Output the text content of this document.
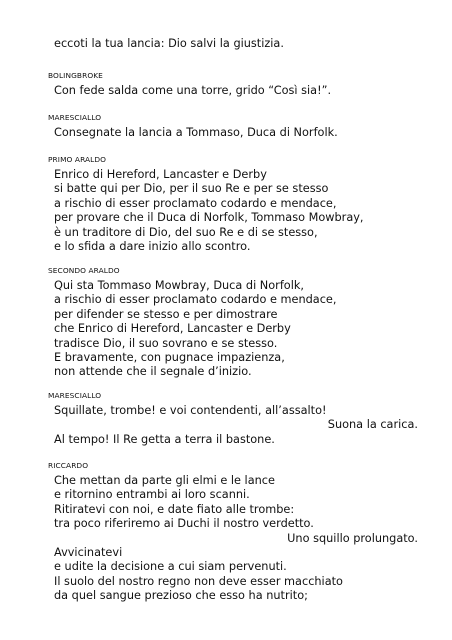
eccoti la tua lancia: Dio salvi la giustizia.
BOLINGBROKE
Con fede salda come una torre, grido “Così sia!”.
MARESCIALLO
Consegnate la lancia a Tommaso, Duca di Norfolk.
PRIMO ARALDO
Enrico di Hereford, Lancaster e Derby
si batte qui per Dio, per il suo Re e per se stesso
a rischio di esser proclamato codardo e mendace,
per provare che il Duca di Norfolk, Tommaso Mowbray,
è un traditore di Dio, del suo Re e di se stesso,
e lo sfida a dare inizio allo scontro.
SECONDO ARALDO
Qui sta Tommaso Mowbray, Duca di Norfolk,
a rischio di esser proclamato codardo e mendace,
per difender se stesso e per dimostrare
che Enrico di Hereford, Lancaster e Derby
tradisce Dio, il suo sovrano e se stesso.
E bravamente, con pugnace impazienza,
non attende che il segnale d’inizio.
MARESCIALLO
Squillate, trombe! e voi contendenti, all’assalto!
Suona la carica.
Al tempo! Il Re getta a terra il bastone.
RICCARDO
Che mettan da parte gli elmi e le lance
e ritornino entrambi ai loro scanni.
Ritiratevi con noi, e date fiato alle trombe:
tra poco riferiremo ai Duchi il nostro verdetto.
Uno squillo prolungato.
Avvicinatevi
e udite la decisione a cui siam pervenuti.
Il suolo del nostro regno non deve esser macchiato
da quel sangue prezioso che esso ha nutrito;
